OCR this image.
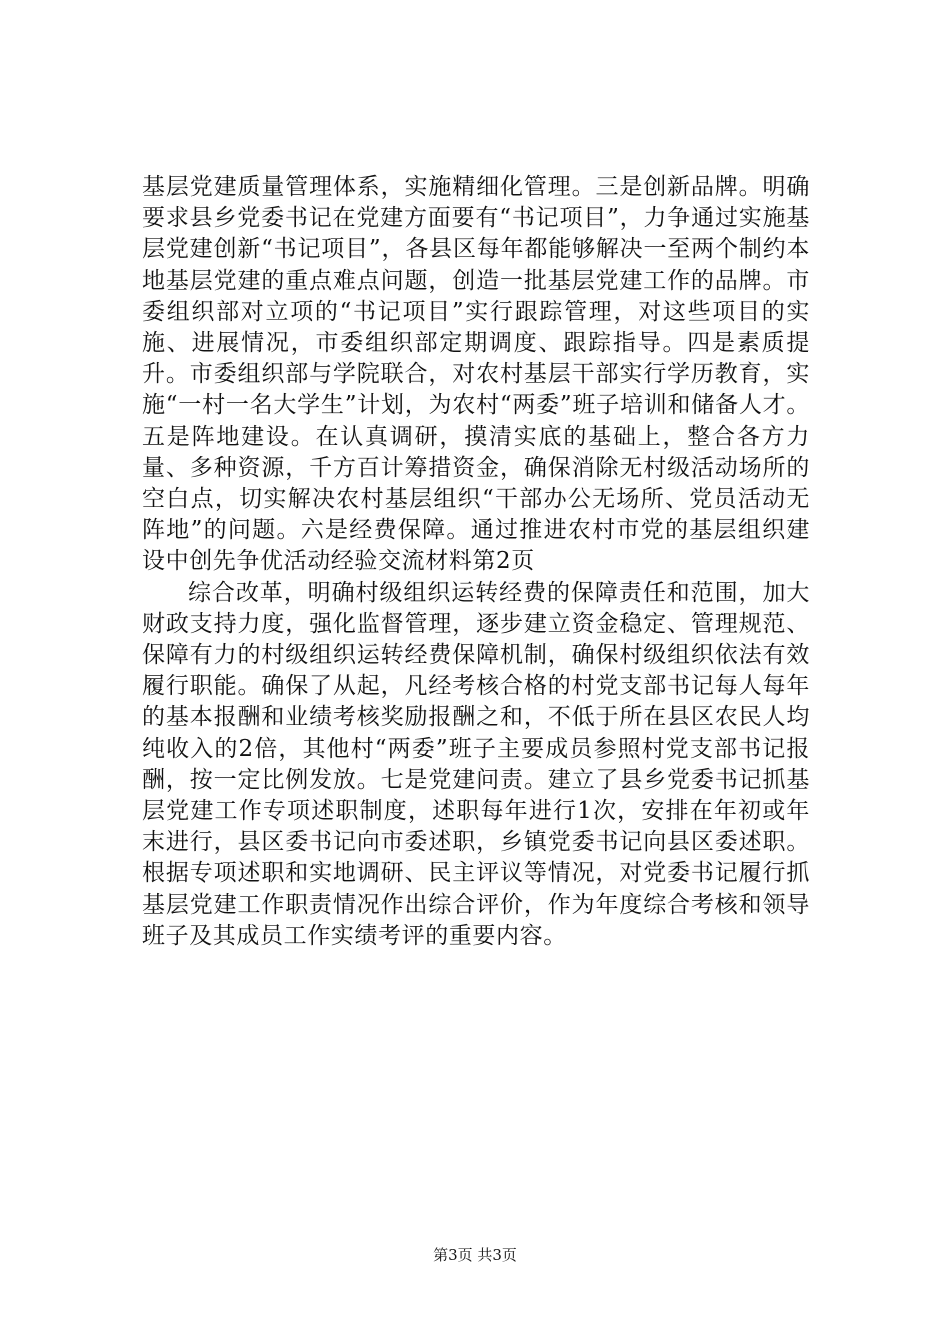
基层党建质量管理体系，实施精细化管理。三是创新品牌。明确要求县乡党委书记在党建方面要有“书记项目”，力争通过实施基层党建创新“书记项目”，各县区每年都能够解决一至两个制约本地基层党建的重点难点问题，创造一批基层党建工作的品牌。市委组织部对立项的“书记项目”实行跟踪管理，对这些项目的实施、进展情况，市委组织部定期调度、跟踪指导。四是素质提升。市委组织部与学院联合，对农村基层干部实行学历教育，实施“一村一名大学生”计划，为农村“两委”班子培训和储备人才。五是阵地建设。在认真调研，摸清实底的基础上，整合各方力量、多种资源，千方百计筹措资金，确保消除无村级活动场所的空白点，切实解决农村基层组织“干部办公无场所、党员活动无阵地”的问题。六是经费保障。通过推进农村市党的基层组织建设中创先争优活动经验交流材料第2页

综合改革，明确村级组织运转经费的保障责任和范围，加大财政支持力度，强化监督管理，逐步建立资金稳定、管理规范、保障有力的村级组织运转经费保障机制，确保村级组织依法有效履行职能。确保了从起，凡经考核合格的村党支部书记每人每年的基本报酬和业绩考核奖励报酬之和，不低于所在县区农民人均纯收入的2倍，其他村“两委”班子主要成员参照村党支部书记报酬，按一定比例发放。七是党建问责。建立了县乡党委书记抓基层党建工作专项述职制度，述职每年进行1次，安排在年初或年末进行，县区委书记向市委述职，乡镇党委书记向县区委述职。根据专项述职和实地调研、民主评议等情况，对党委书记履行抓基层党建工作职责情况作出综合评价，作为年度综合考核和领导班子及其成员工作实绩考评的重要内容。

第3页 共3页
